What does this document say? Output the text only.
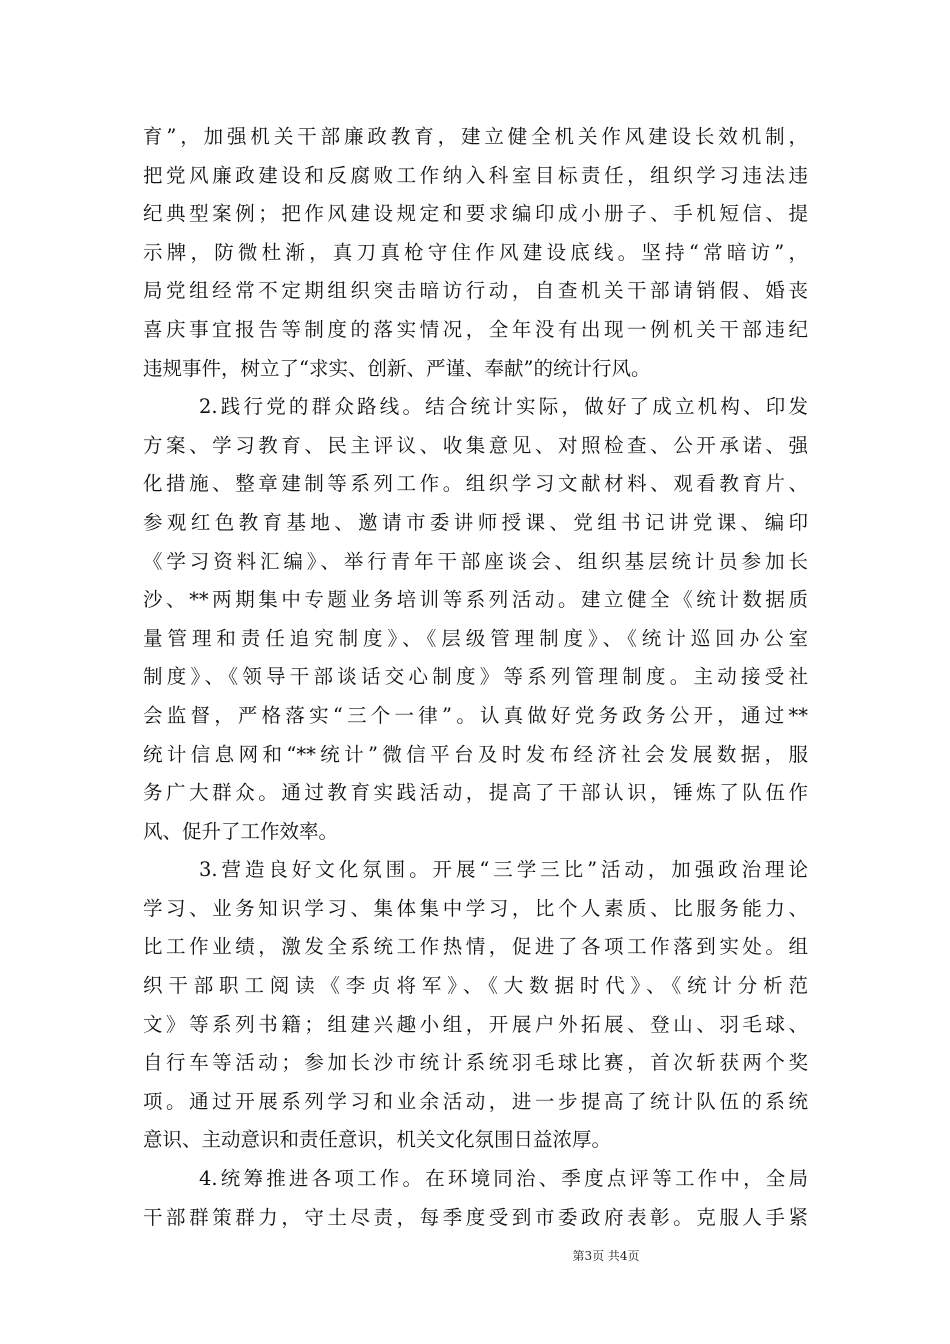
育”，加强机关干部廉政教育，建立健全机关作风建设长效机制，
把党风廉政建设和反腐败工作纳入科室目标责任，组织学习违法违
纪典型案例；把作风建设规定和要求编印成小册子、手机短信、提
示牌，防微杜渐，真刀真枪守住作风建设底线。坚持“常暗访”，
局党组经常不定期组织突击暗访行动，自查机关干部请销假、婚丧
喜庆事宜报告等制度的落实情况，全年没有出现一例机关干部违纪
违规事件，树立了“求实、创新、严谨、奉献”的统计行风。
2.践行党的群众路线。结合统计实际，做好了成立机构、印发
方案、学习教育、民主评议、收集意见、对照检查、公开承诺、强
化措施、整章建制等系列工作。组织学习文献材料、观看教育片、
参观红色教育基地、邀请市委讲师授课、党组书记讲党课、编印
《学习资料汇编》、举行青年干部座谈会、组织基层统计员参加长
沙、**两期集中专题业务培训等系列活动。建立健全《统计数据质
量管理和责任追究制度》、《层级管理制度》、《统计巡回办公室
制度》、《领导干部谈话交心制度》等系列管理制度。主动接受社
会监督，严格落实“三个一律”。认真做好党务政务公开，通过**
统计信息网和“**统计”微信平台及时发布经济社会发展数据，服
务广大群众。通过教育实践活动，提高了干部认识，锤炼了队伍作
风、促升了工作效率。
3.营造良好文化氛围。开展“三学三比”活动，加强政治理论
学习、业务知识学习、集体集中学习，比个人素质、比服务能力、
比工作业绩，激发全系统工作热情，促进了各项工作落到实处。组
织干部职工阅读《李贞将军》、《大数据时代》、《统计分析范
文》等系列书籍；组建兴趣小组，开展户外拓展、登山、羽毛球、
自行车等活动；参加长沙市统计系统羽毛球比赛，首次斩获两个奖
项。通过开展系列学习和业余活动，进一步提高了统计队伍的系统
意识、主动意识和责任意识，机关文化氛围日益浓厚。
4.统筹推进各项工作。在环境同治、季度点评等工作中，全局
干部群策群力，守土尽责，每季度受到市委政府表彰。克服人手紧
第3页 共4页
